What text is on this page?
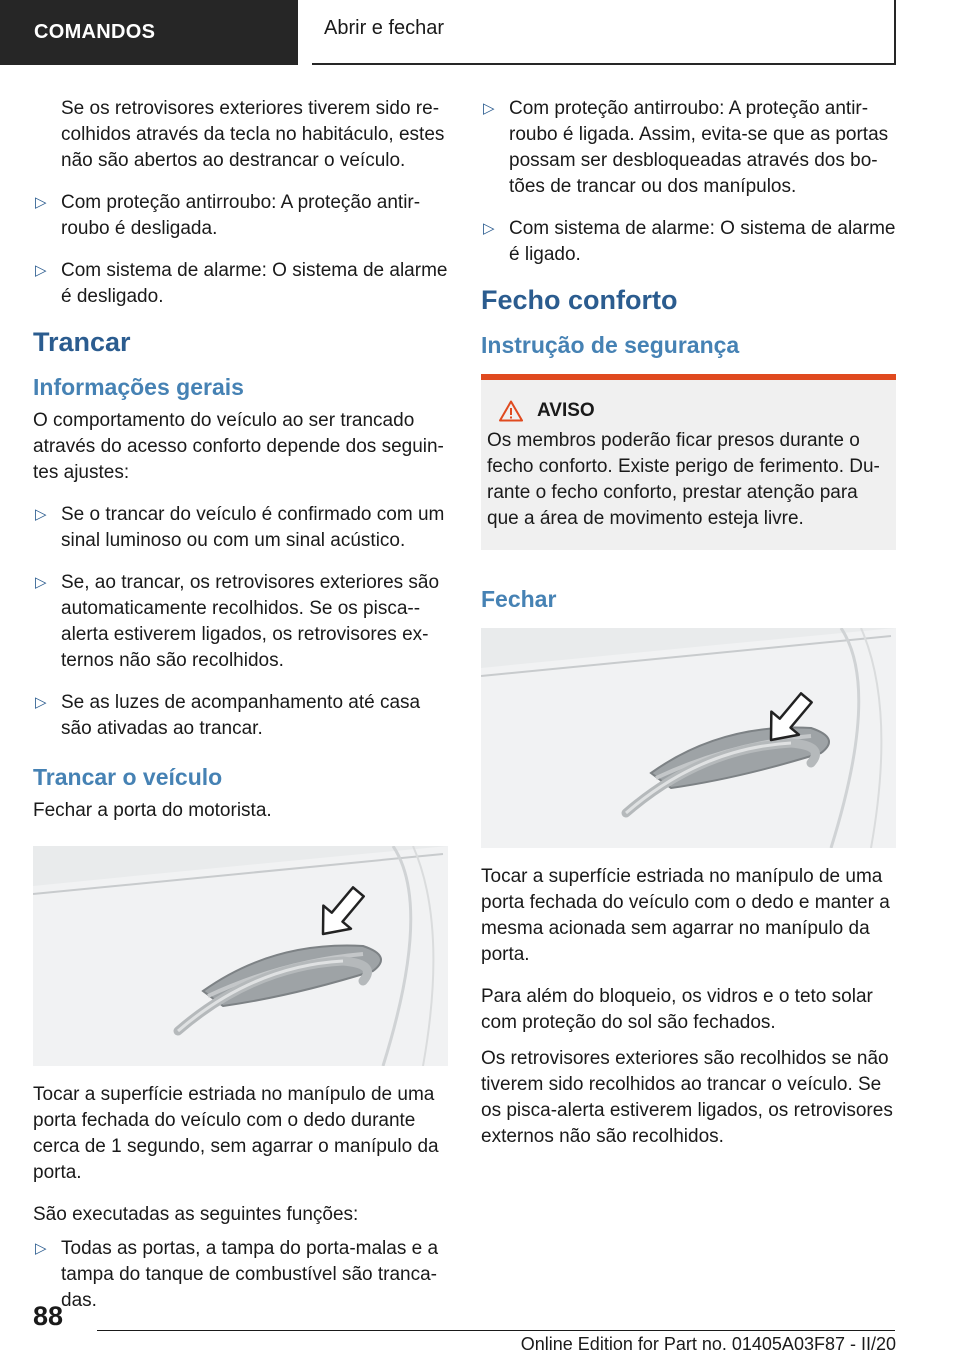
COMANDOS	Abrir e fechar

Se os retrovisores exteriores tiverem sido re-colhidos através da tecla no habitáculo, estes não são abertos ao destrancar o veículo.

▷ Com proteção antirroubo: A proteção antir-roubo é desligada.
▷ Com sistema de alarme: O sistema de alarme é desligado.
Trancar
Informações gerais

O comportamento do veículo ao ser trancado através do acesso conforto depende dos seguin-tes ajustes:

▷ Se o trancar do veículo é confirmado com um sinal luminoso ou com um sinal acústico.
▷ Se, ao trancar, os retrovisores exteriores são automaticamente recolhidos. Se os pisca--alerta estiverem ligados, os retrovisores ex-ternos não são recolhidos.
▷ Se as luzes de acompanhamento até casa são ativadas ao trancar.
Trancar o veículo

Fechar a porta do motorista.

Tocar a superfície estriada no manípulo de uma porta fechada do veículo com o dedo durante cerca de 1 segundo, sem agarrar o manípulo da porta.

São executadas as seguintes funções:

▷ Todas as portas, a tampa do porta-malas e a tampa do tanque de combustível são tranca-das.
▷ Com proteção antirroubo: A proteção antir-roubo é ligada. Assim, evita-se que as portas possam ser desbloqueadas através dos bo-tões de trancar ou dos manípulos.
▷ Com sistema de alarme: O sistema de alarme é ligado.
Fecho conforto
Instrução de segurança
AVISO

Os membros poderão ficar presos durante o fecho conforto. Existe perigo de ferimento. Du-rante o fecho conforto, prestar atenção para que a área de movimento esteja livre.

Fechar

Tocar a superfície estriada no manípulo de uma porta fechada do veículo com o dedo e manter a mesma acionada sem agarrar no manípulo da porta.

Para além do bloqueio, os vidros e o teto solar com proteção do sol são fechados.

Os retrovisores exteriores são recolhidos se não tiverem sido recolhidos ao trancar o veículo. Se os pisca-alerta estiverem ligados, os retrovisores externos não são recolhidos.

88
Online Edition for Part no. 01405A03F87 - II/20
